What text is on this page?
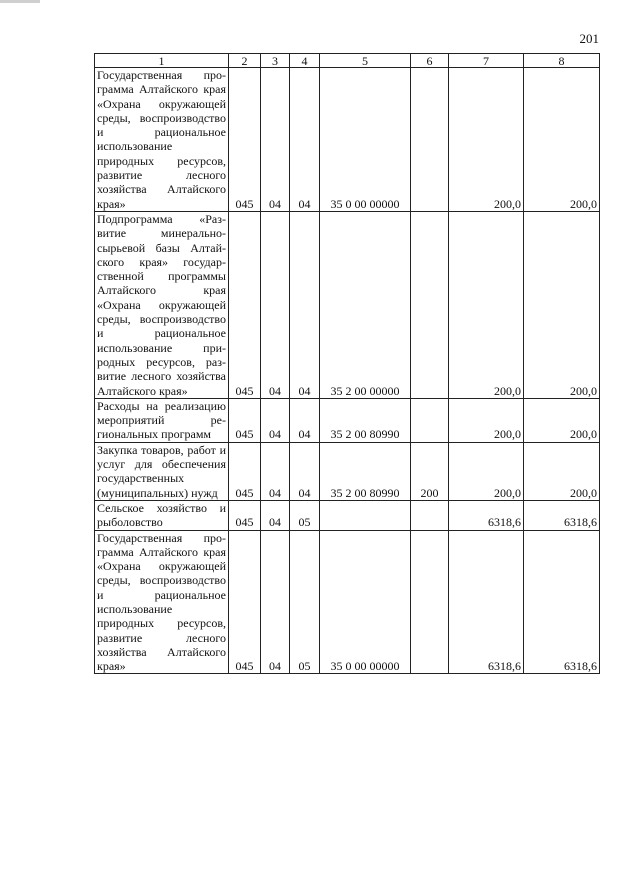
201
1	2	3	4	5	6	7	8
Государственная программа Алтайского края «Охрана окружающей среды, воспроизводство и рациональное использование природных ресурсов, развитие лесного хозяйства Алтайского края»	045	04	04	35 0 00 00000		200,0	200,0
Подпрограмма «Развитие минерально-сырьевой базы Алтайского края» государственной программы Алтайского края «Охрана окружающей среды, воспроизводство и рациональное использование природных ресурсов, развитие лесного хозяйства Алтайского края»	045	04	04	35 2 00 00000		200,0	200,0
Расходы на реализацию мероприятий региональных программ	045	04	04	35 2 00 80990		200,0	200,0
Закупка товаров, работ и услуг для обеспечения государственных (муниципальных) нужд	045	04	04	35 2 00 80990	200	200,0	200,0
Сельское хозяйство и рыболовство	045	04	05			6318,6	6318,6
Государственная программа Алтайского края «Охрана окружающей среды, воспроизводство и рациональное использование природных ресурсов, развитие лесного хозяйства Алтайского края»	045	04	05	35 0 00 00000		6318,6	6318,6
